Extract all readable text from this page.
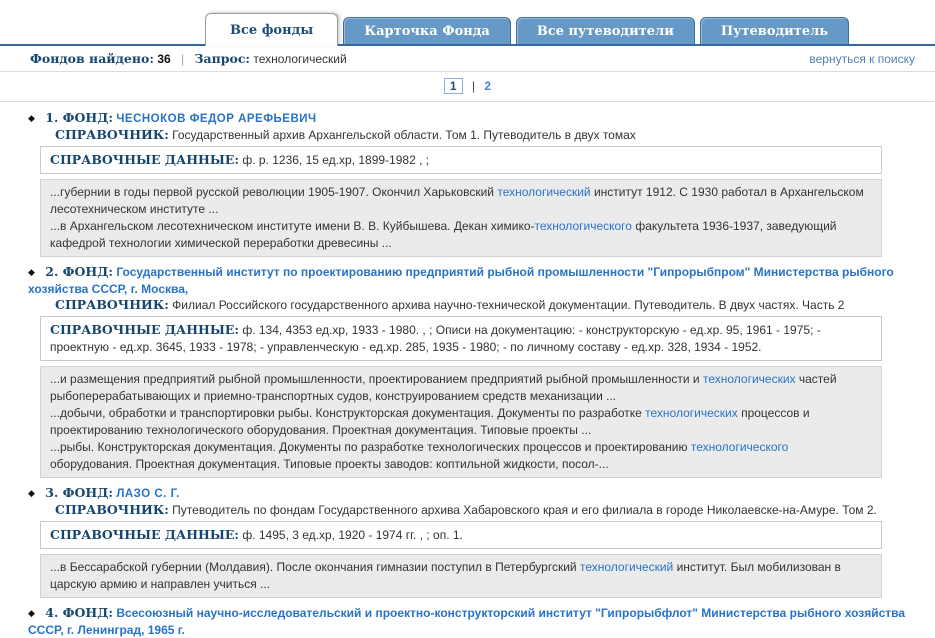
Все фонды	Карточка Фонда	Все путеводители	Путеводитель
Фондов найдено: 36 | Запрос: технологический	вернуться к поиску
1 | 2
◆ 1. ФОНД: ЧЕСНОКОВ ФЕДОР АРЕФЬЕВИЧ
СПРАВОЧНИК: Государственный архив Архангельской области. Том 1. Путеводитель в двух томах
СПРАВОЧНЫЕ ДАННЫЕ: ф. р. 1236, 15 ед.хр, 1899-1982 , ;

...губернии в годы первой русской революции 1905-1907. Окончил Харьковский технологический институт 1912. С 1930 работал в Архангельском лесотехническом институте ...

...в Архангельском лесотехническом институте имени В. В. Куйбышева. Декан химико-технологического факультета 1936-1937, заведующий кафедрой технологии химической переработки древесины ...

◆ 2. ФОНД: Государственный институт по проектированию предприятий рыбной промышленности "Гипрорыбпром" Министерства рыбного хозяйства СССР, г. Москва,
СПРАВОЧНИК: Филиал Российского государственного архива научно-технической документации. Путеводитель. В двух частях. Часть 2
СПРАВОЧНЫЕ ДАННЫЕ: ф. 134, 4353 ед.хр, 1933 - 1980. , ; Описи на документацию: - конструкторскую - ед.хр. 95, 1961 - 1975; - проектную - ед.хр. 3645, 1933 - 1978; - управленческую - ед.хр. 285, 1935 - 1980; - по личному составу - ед.хр. 328, 1934 - 1952.

...и размещения предприятий рыбной промышленности, проектированием предприятий рыбной промышленности и технологических частей рыбоперерабатывающих и приемно-транспортных судов, конструированием средств механизации ...

...добычи, обработки и транспортировки рыбы. Конструкторская документация. Документы по разработке технологических процессов и проектированию технологического оборудования. Проектная документация. Типовые проекты ...

...рыбы. Конструкторская документация. Документы по разработке технологических процессов и проектированию технологического оборудования. Проектная документация. Типовые проекты заводов: коптильной жидкости, посол-...

◆ 3. ФОНД: ЛАЗО С. Г.
СПРАВОЧНИК: Путеводитель по фондам Государственного архива Хабаровского края и его филиала в городе Николаевске-на-Амуре. Том 2.
СПРАВОЧНЫЕ ДАННЫЕ: ф. 1495, 3 ед.хр, 1920 - 1974 гг. , ; оп. 1.

...в Бессарабской губернии (Молдавия). После окончания гимназии поступил в Петербургский технологический институт. Был мобилизован в царскую армию и направлен учиться ...

◆ 4. ФОНД: Всесоюзный научно-исследовательский и проектно-конструкторский институт "Гипрорыбфлот" Министерства рыбного хозяйства СССР, г. Ленинград, 1965 г.
